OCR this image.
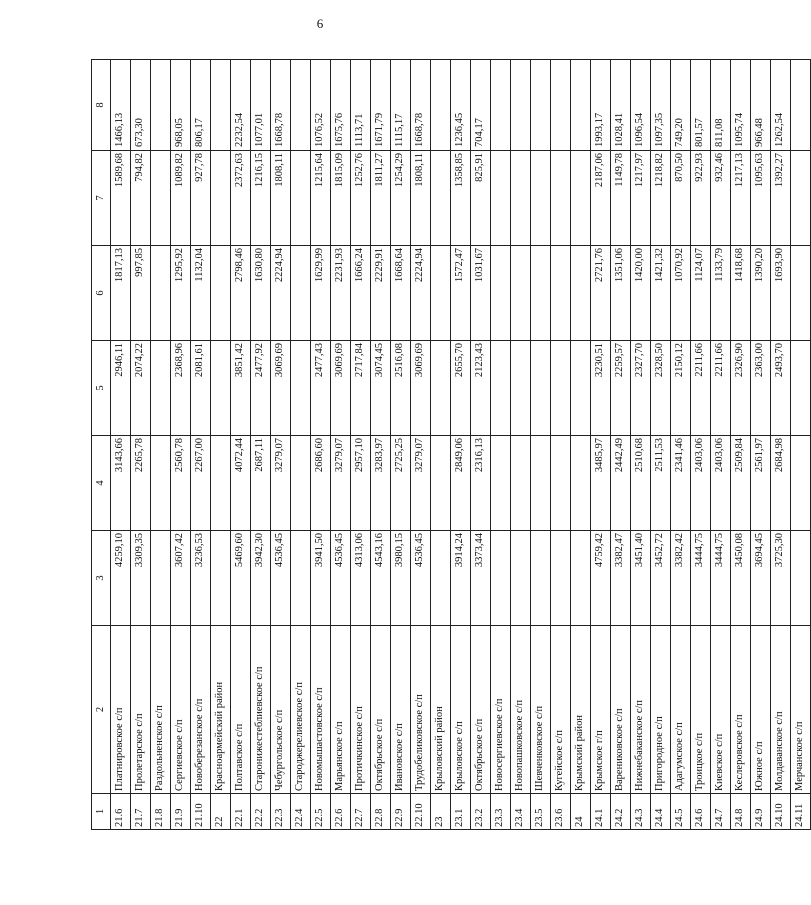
6
1	2	3	4	5	6	7	8
21.6	Платнировское с/п	4259,10	3143,66	2946,11	1817,13	1589,68	1466,13
21.7	Пролетарское с/п	3309,35	2265,78	2074,22	997,85	794,82	673,30
21.8	Раздольненское с/п						
21.9	Сергиевское с/п	3607,42	2560,78	2368,96	1295,92	1089,82	968,05
21.10	Новоберезанское с/п	3236,53	2267,00	2081,61	1132,04	927,78	806,17
22	Красноармейский район						
22.1	Полтавское с/п	5469,60	4072,44	3851,42	2798,46	2372,63	2232,54
22.2	Старонижестеблиевское с/п	3942,30	2687,11	2477,92	1630,80	1216,15	1077,01
22.3	Чебургольское с/п	4536,45	3279,07	3069,69	2224,94	1808,11	1668,78
22.4	Староджерелиевское с/п						
22.5	Новомышастовское с/п	3941,50	2686,60	2477,43	1629,99	1215,64	1076,52
22.6	Марьянское с/п	4536,45	3279,07	3069,69	2231,93	1815,09	1675,76
22.7	Протичкинское с/п	4313,06	2957,10	2717,84	1666,24	1252,76	1113,71
22.8	Октябрьское с/п	4543,16	3283,97	3074,45	2229,91	1811,27	1671,79
22.9	Ивановское с/п	3980,15	2725,25	2516,08	1668,64	1254,29	1115,17
22.10	Трудобеликовское с/п	4536,45	3279,07	3069,69	2224,94	1808,11	1668,78
23	Крыловский район						
23.1	Крыловское с/п	3914,24	2849,06	2655,70	1572,47	1358,85	1236,45
23.2	Октябрьское с/п	3373,44	2316,13	2123,43	1031,67	825,91	704,17
23.3	Новосергиевское с/п						
23.4	Новопашковское с/п						
23.5	Шевченковское с/п						
23.6	Кугейское с/п						
24	Крымский район						
24.1	Крымское г/п	4759,42	3485,97	3230,51	2721,76	2187,06	1993,17
24.2	Варениковское с/п	3382,47	2442,49	2259,57	1351,06	1149,78	1028,41
24.3	Нижнебаканское с/п	3451,40	2510,68	2327,70	1420,00	1217,97	1096,54
24.4	Пригородное с/п	3452,72	2511,53	2328,50	1421,32	1218,82	1097,35
24.5	Адагумское с/п	3382,42	2341,46	2150,12	1070,92	870,50	749,20
24.6	Троицкое с/п	3444,75	2403,06	2211,66	1124,07	922,93	801,57
24.7	Киевское с/п	3444,75	2403,06	2211,66	1133,79	932,46	811,08
24.8	Кеслеровское с/п	3450,08	2509,84	2326,90	1418,68	1217,13	1095,74
24.9	Южное с/п	3694,45	2561,97	2363,00	1390,20	1095,63	966,48
24.10	Молдаванское с/п	3725,30	2684,98	2493,70	1693,90	1392,27	1262,54
24.11	Мерчанское с/п						
